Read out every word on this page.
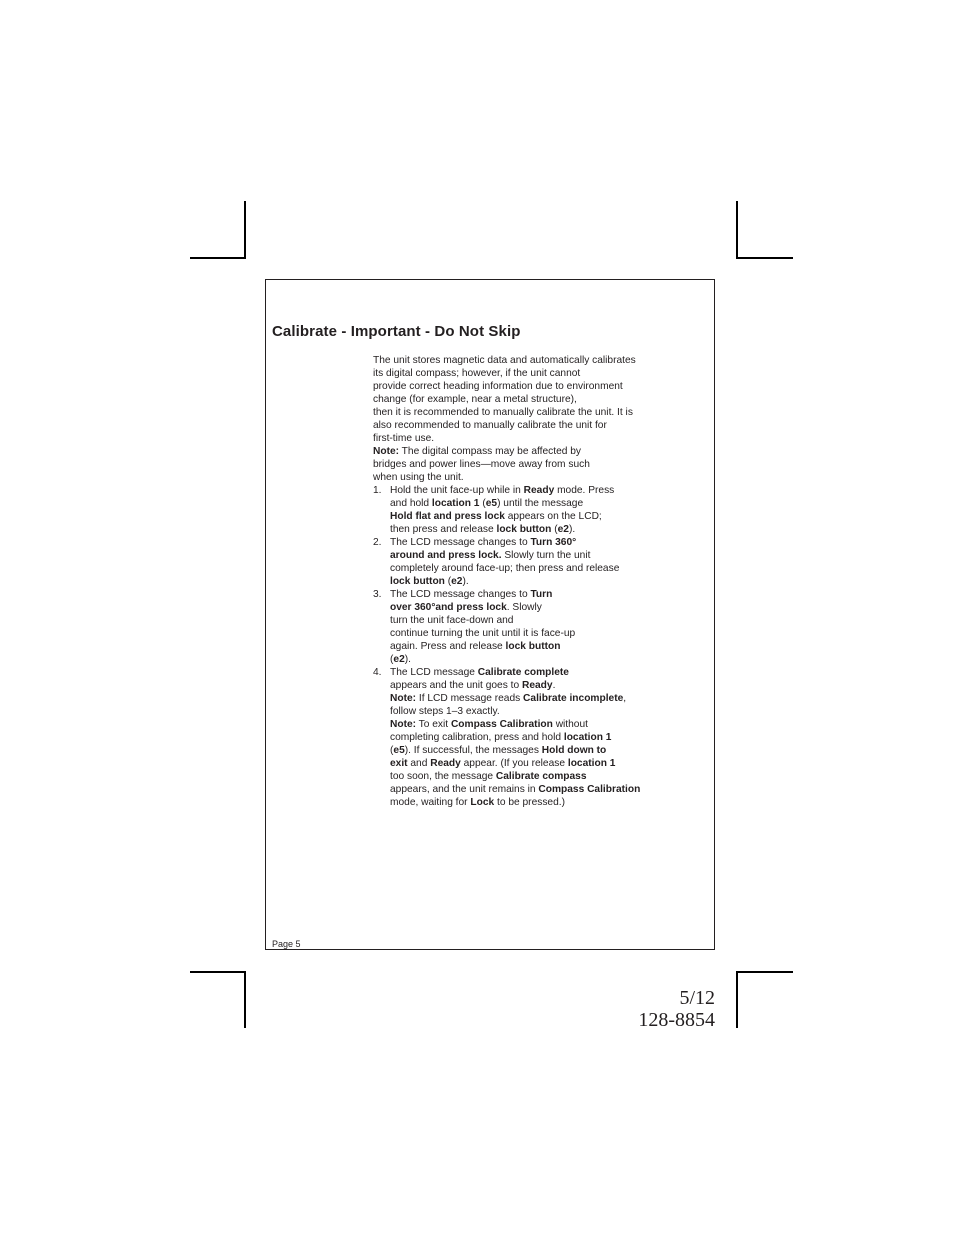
Calibrate - Important - Do Not Skip

The unit stores magnetic data and automatically calibrates
its digital compass; however, if the unit cannot
provide correct heading information due to environment
change (for example, near a metal structure),
then it is recommended to manually calibrate the unit. It is
also recommended to manually calibrate the unit for
first-time use.

Note: The digital compass may be affected by
bridges and power lines—move away from such
when using the unit.

1. Hold the unit face-up while in Ready mode. Press
and hold location 1 (e5) until the message
Hold flat and press lock appears on the LCD;
then press and release lock button (e2).
2. The LCD message changes to Turn 360°
around and press lock. Slowly turn the unit
completely around face-up; then press and release
lock button (e2).
3. The LCD message changes to Turn
over 360°and press lock. Slowly
turn the unit face-down and
continue turning the unit until it is face-up
again. Press and release lock button
(e2).
4. The LCD message Calibrate complete
appears and the unit goes to Ready.
Note: If LCD message reads Calibrate incomplete,
follow steps 1–3 exactly.
Note: To exit Compass Calibration without
completing calibration, press and hold location 1
(e5). If successful, the messages Hold down to
exit and Ready appear. (If you release location 1
too soon, the message Calibrate compass
appears, and the unit remains in Compass Calibration
mode, waiting for Lock to be pressed.)
Page 5

5/12

128-8854
